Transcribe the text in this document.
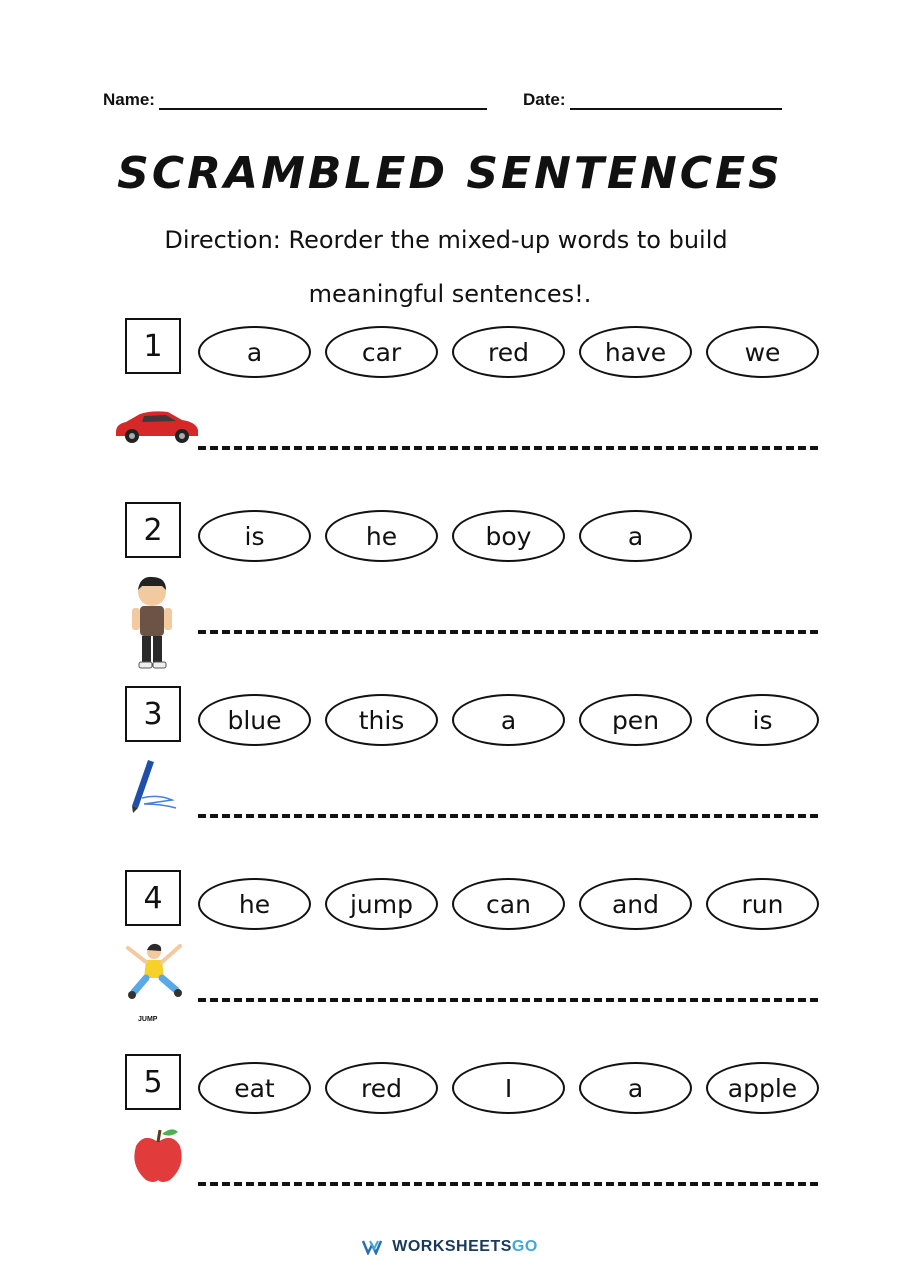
Name:	Date:
SCRAMBLED SENTENCES
Direction: Reorder the mixed-up words to build
meaningful sentences!.
1	a	car	red	have	we
2	is	he	boy	a
3	blue	this	a	pen	is
4	he	jump	can	and	run
JUMP
5	eat	red	I	a	apple
WORKSHEETSGO
